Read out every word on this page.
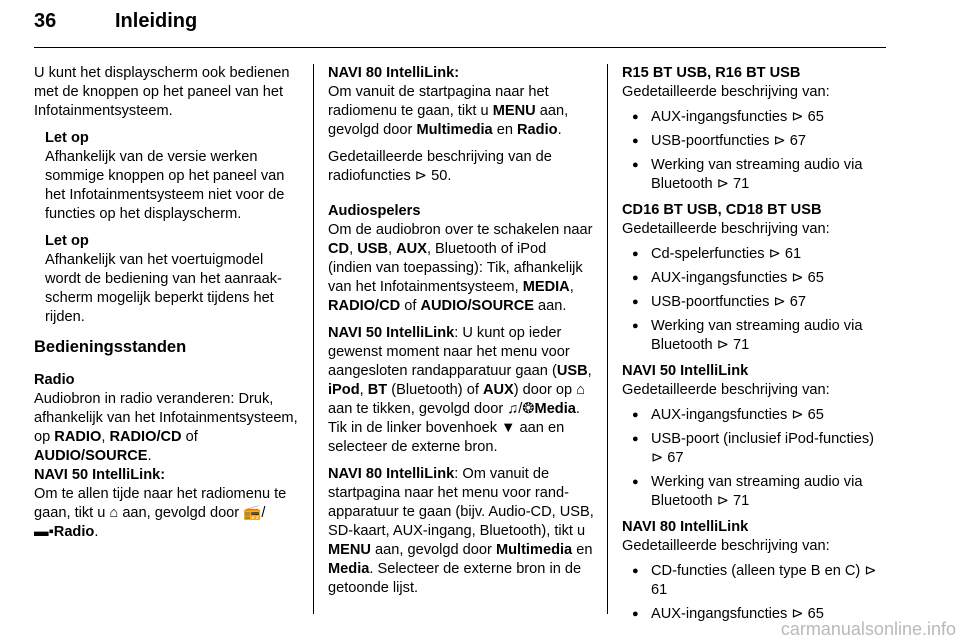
36	Inleiding

U kunt het displayscherm ook bedienen met de knoppen op het paneel van het Infotainmentsysteem.

Let op

Afhankelijk van de versie werken sommige knoppen op het paneel van het Infotainmentsysteem niet voor de functies op het displayscherm.

Let op

Afhankelijk van het voertuigmodel wordt de bediening van het aanraakscherm mogelijk beperkt tijdens het rijden.

Bedieningsstanden

Radio

Audiobron in radio veranderen: Druk, afhankelijk van het Infotainmentsysteem, op RADIO, RADIO/CD of AUDIO/SOURCE.

NAVI 50 IntelliLink:

Om te allen tijde naar het radiomenu te gaan, tikt u ⌂ aan, gevolgd door 📻/▬▪Radio.

NAVI 80 IntelliLink:

Om vanuit de startpagina naar het radiomenu te gaan, tikt u MENU aan, gevolgd door Multimedia en Radio.

Gedetailleerde beschrijving van de radiofuncties ⊳ 50.

Audiospelers

Om de audiobron over te schakelen naar CD, USB, AUX, Bluetooth of iPod (indien van toepassing): Tik, afhankelijk van het Infotainmentsysteem, MEDIA, RADIO/CD of AUDIO/SOURCE aan.

NAVI 50 IntelliLink: U kunt op ieder gewenst moment naar het menu voor aangesloten randapparatuur gaan (USB, iPod, BT (Bluetooth) of AUX) door op ⌂ aan te tikken, gevolgd door ♫/❂Media. Tik in de linker bovenhoek ▼ aan en selecteer de externe bron.

NAVI 80 IntelliLink: Om vanuit de startpagina naar het menu voor randapparatuur te gaan (bijv. Audio-CD, USB, SD-kaart, AUX-ingang, Bluetooth), tikt u MENU aan, gevolgd door Multimedia en Media. Selecteer de externe bron in de getoonde lijst.

R15 BT USB, R16 BT USB

Gedetailleerde beschrijving van:

● AUX-ingangsfuncties ⊳ 65
● USB-poortfuncties ⊳ 67
● Werking van streaming audio via Bluetooth ⊳ 71

CD16 BT USB, CD18 BT USB

Gedetailleerde beschrijving van:

● Cd-spelerfuncties ⊳ 61
● AUX-ingangsfuncties ⊳ 65
● USB-poortfuncties ⊳ 67
● Werking van streaming audio via Bluetooth ⊳ 71

NAVI 50 IntelliLink

Gedetailleerde beschrijving van:

● AUX-ingangsfuncties ⊳ 65
● USB-poort (inclusief iPod-functies) ⊳ 67
● Werking van streaming audio via Bluetooth ⊳ 71

NAVI 80 IntelliLink

Gedetailleerde beschrijving van:

● CD-functies (alleen type B en C) ⊳ 61
● AUX-ingangsfuncties ⊳ 65
carmanualsonline.info
